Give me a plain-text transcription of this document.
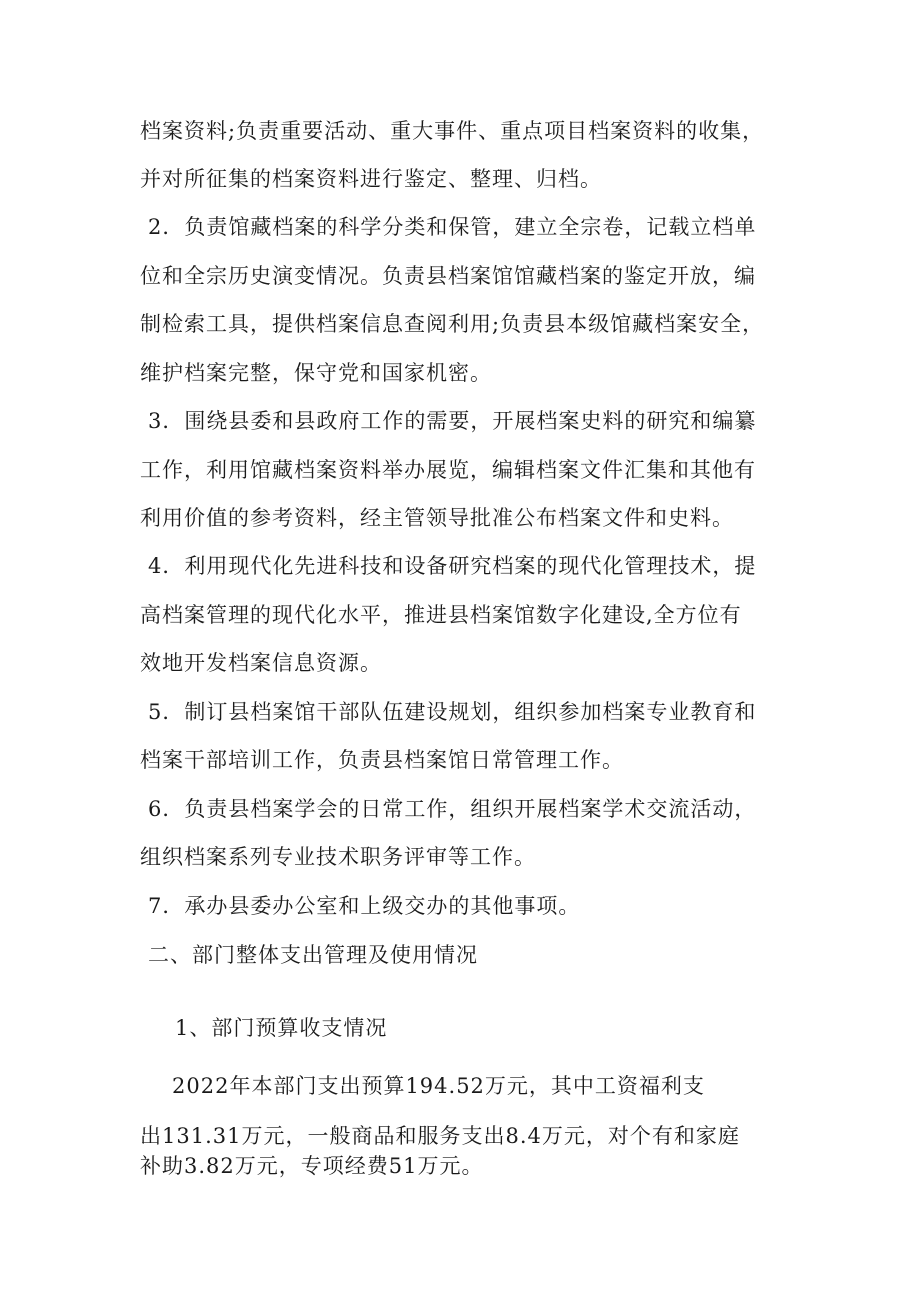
档案资料;负责重要活动、重大事件、重点项目档案资料的收集，
并对所征集的档案资料进行鉴定、整理、归档。
2．负责馆藏档案的科学分类和保管，建立全宗卷，记载立档单
位和全宗历史演变情况。负责县档案馆馆藏档案的鉴定开放，编
制检索工具，提供档案信息查阅利用;负责县本级馆藏档案安全，
维护档案完整，保守党和国家机密。
3．围绕县委和县政府工作的需要，开展档案史料的研究和编纂
工作，利用馆藏档案资料举办展览，编辑档案文件汇集和其他有
利用价值的参考资料，经主管领导批准公布档案文件和史料。
4．利用现代化先进科技和设备研究档案的现代化管理技术，提
高档案管理的现代化水平，推进县档案馆数字化建设,全方位有
效地开发档案信息资源。
5．制订县档案馆干部队伍建设规划，组织参加档案专业教育和
档案干部培训工作，负责县档案馆日常管理工作。
6．负责县档案学会的日常工作，组织开展档案学术交流活动，
组织档案系列专业技术职务评审等工作。
7．承办县委办公室和上级交办的其他事项。
二、部门整体支出管理及使用情况
1、部门预算收支情况
2022年本部门支出预算194.52万元，其中工资福利支
出131.31万元，一般商品和服务支出8.4万元，对个有和家庭
补助3.82万元，专项经费51万元。
